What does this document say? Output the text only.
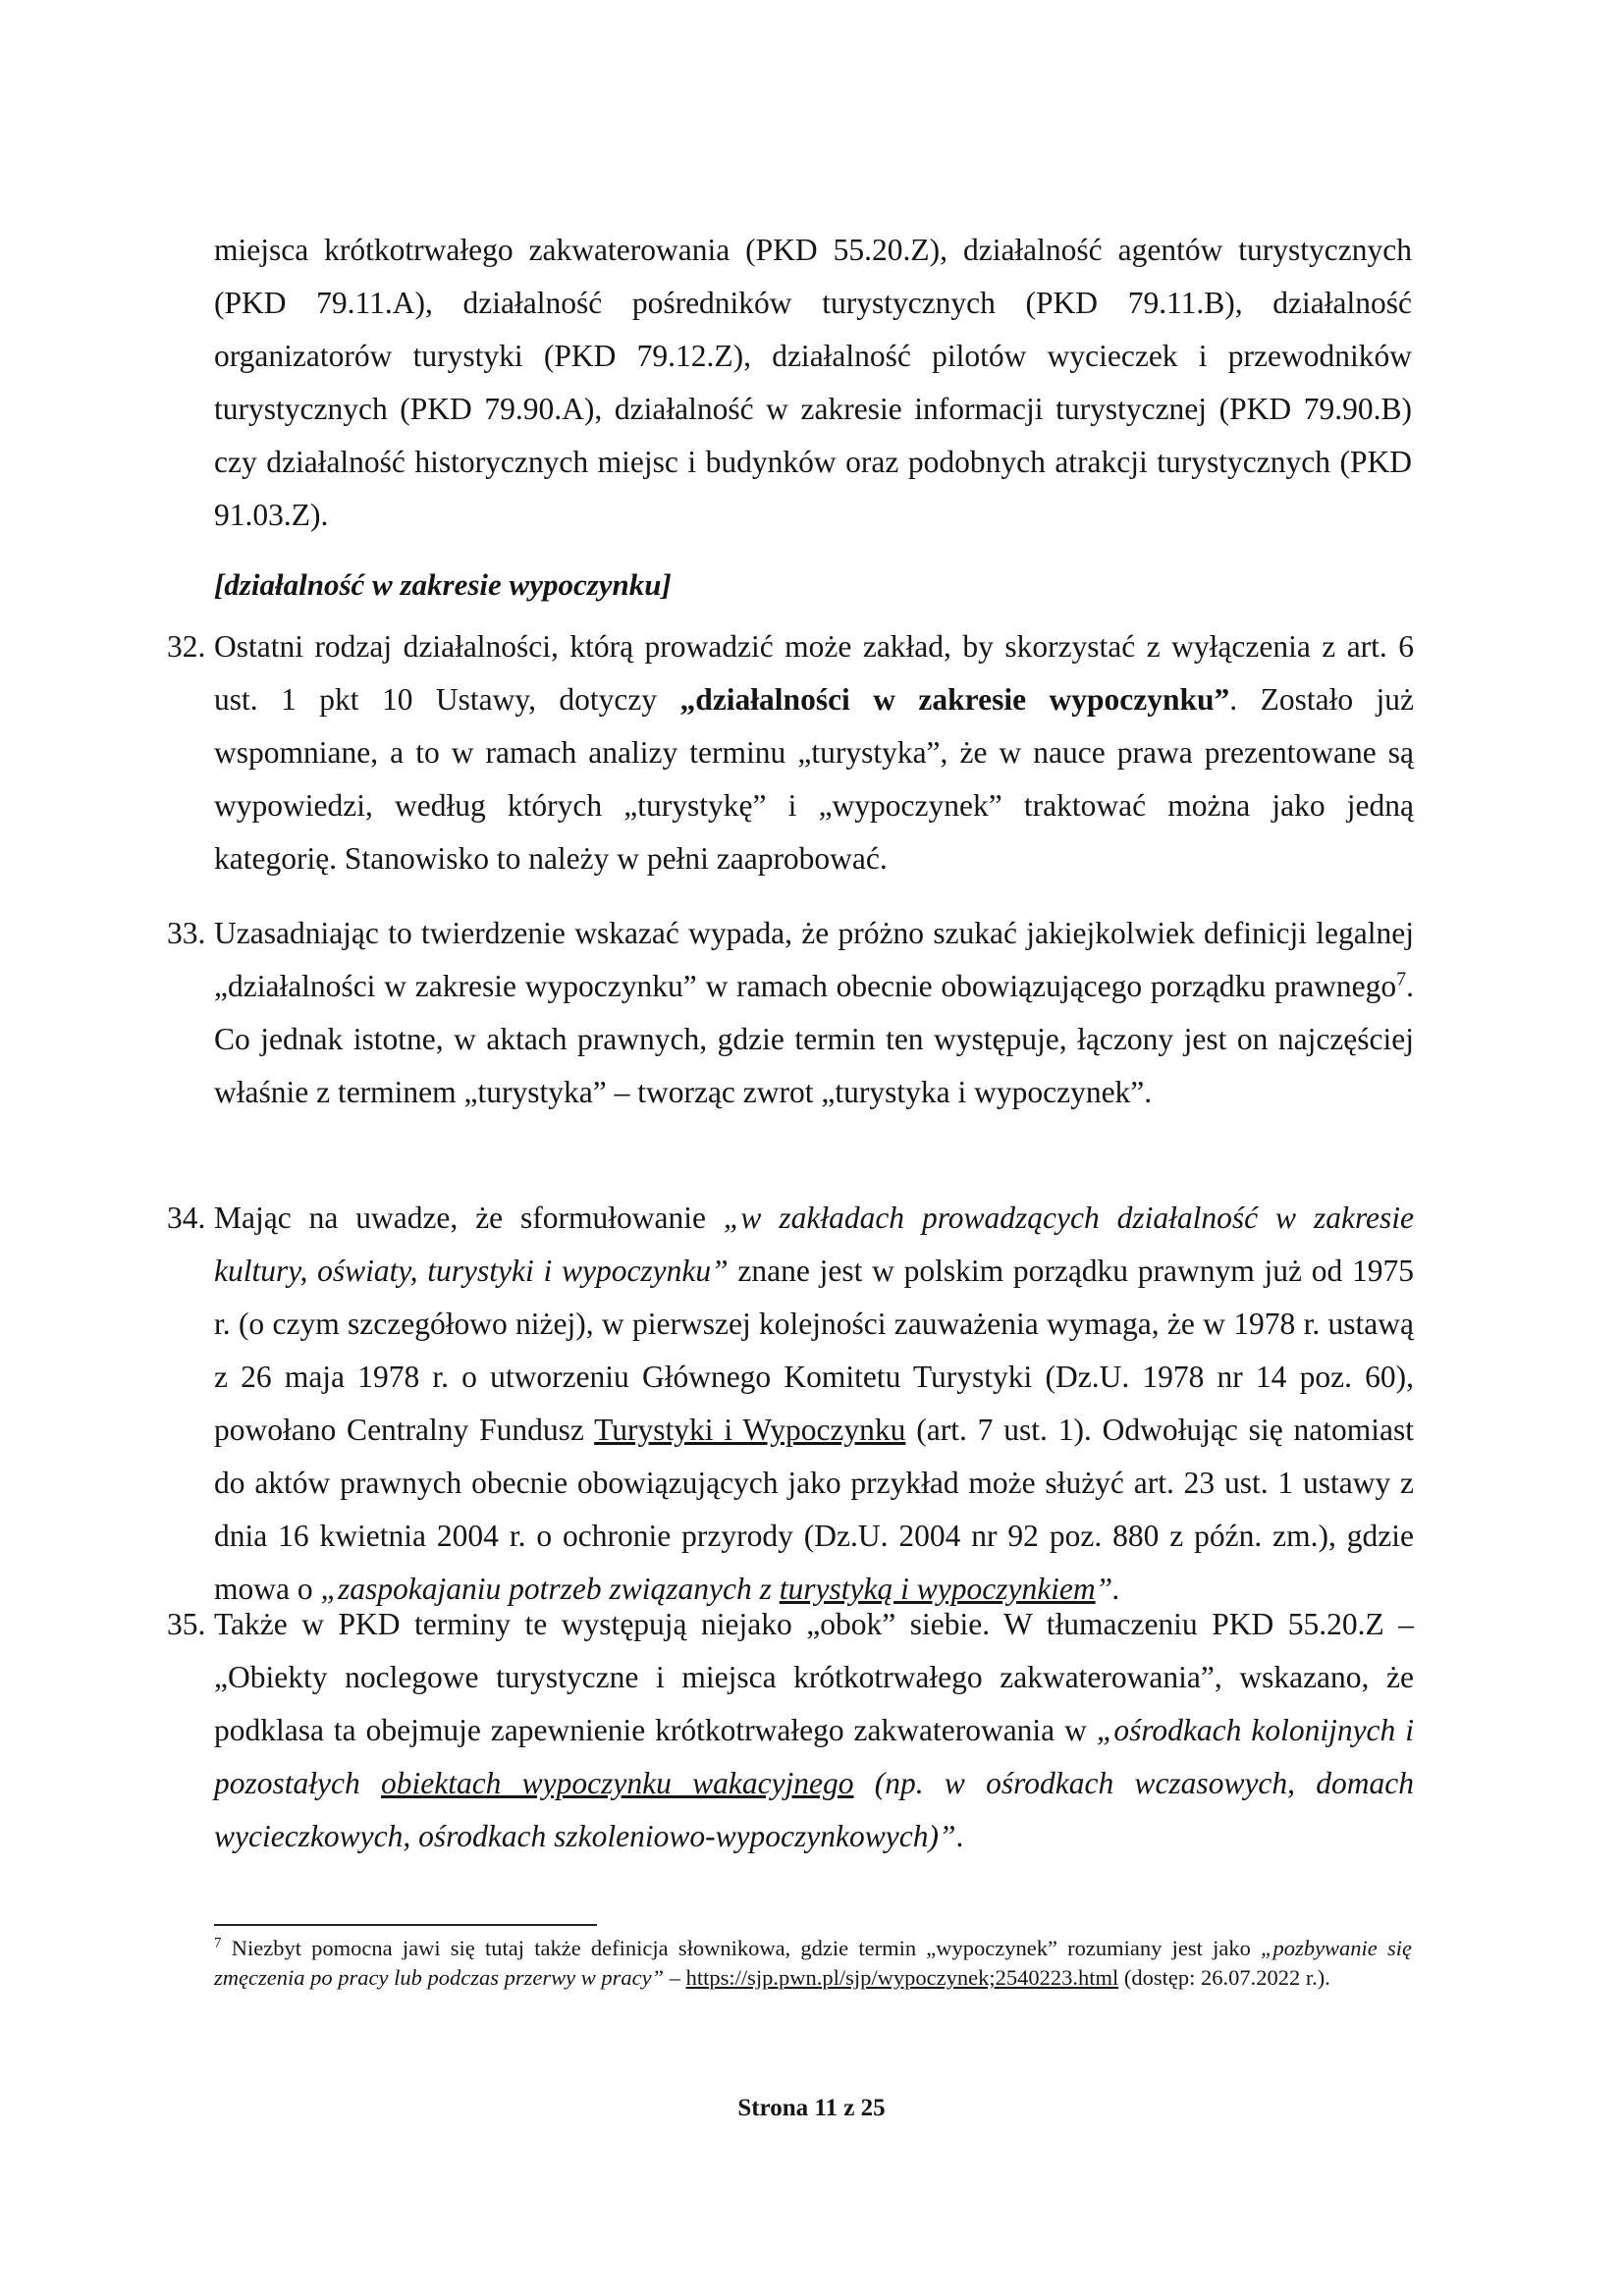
miejsca krótkotrwałego zakwaterowania (PKD 55.20.Z), działalność agentów turystycznych (PKD 79.11.A), działalność pośredników turystycznych (PKD 79.11.B), działalność organizatorów turystyki (PKD 79.12.Z), działalność pilotów wycieczek i przewodników turystycznych (PKD 79.90.A), działalność w zakresie informacji turystycznej (PKD 79.90.B) czy działalność historycznych miejsc i budynków oraz podobnych atrakcji turystycznych (PKD 91.03.Z).

[działalność w zakresie wypoczynku]

32. Ostatni rodzaj działalności, którą prowadzić może zakład, by skorzystać z wyłączenia z art. 6 ust. 1 pkt 10 Ustawy, dotyczy „działalności w zakresie wypoczynku”. Zostało już wspomniane, a to w ramach analizy terminu „turystyka”, że w nauce prawa prezentowane są wypowiedzi, według których „turystykę” i „wypoczynek” traktować można jako jedną kategorię. Stanowisko to należy w pełni zaaprobować.

33. Uzasadniając to twierdzenie wskazać wypada, że próżno szukać jakiejkolwiek definicji legalnej „działalności w zakresie wypoczynku” w ramach obecnie obowiązującego porządku prawnego$^7$. Co jednak istotne, w aktach prawnych, gdzie termin ten występuje, łączony jest on najczęściej właśnie z terminem „turystyka” – tworząc zwrot „turystyka i wypoczynek”.

34. Mając na uwadze, że sformułowanie „w zakładach prowadzących działalność w zakresie kultury, oświaty, turystyki i wypoczynku” znane jest w polskim porządku prawnym już od 1975 r. (o czym szczegółowo niżej), w pierwszej kolejności zauważenia wymaga, że w 1978 r. ustawą z 26 maja 1978 r. o utworzeniu Głównego Komitetu Turystyki (Dz.U. 1978 nr 14 poz. 60), powołano Centralny Fundusz Turystyki i Wypoczynku (art. 7 ust. 1). Odwołując się natomiast do aktów prawnych obecnie obowiązujących jako przykład może służyć art. 23 ust. 1 ustawy z dnia 16 kwietnia 2004 r. o ochronie przyrody (Dz.U. 2004 nr 92 poz. 880 z późn. zm.), gdzie mowa o „zaspokajaniu potrzeb związanych z turystyką i wypoczynkiem”.

35. Także w PKD terminy te występują niejako „obok” siebie. W tłumaczeniu PKD 55.20.Z – „Obiekty noclegowe turystyczne i miejsca krótkotrwałego zakwaterowania”, wskazano, że podklasa ta obejmuje zapewnienie krótkotrwałego zakwaterowania w „ośrodkach kolonijnych i pozostałych obiektach wypoczynku wakacyjnego (np. w ośrodkach wczasowych, domach wycieczkowych, ośrodkach szkoleniowo-wypoczynkowych)”.

$^7$ Niezbyt pomocna jawi się tutaj także definicja słownikowa, gdzie termin „wypoczynek” rozumiany jest jako „pozbywanie się zmęczenia po pracy lub podczas przerwy w pracy” – https://sjp.pwn.pl/sjp/wypoczynek;2540223.html (dostęp: 26.07.2022 r.).

Strona 11 z 25
